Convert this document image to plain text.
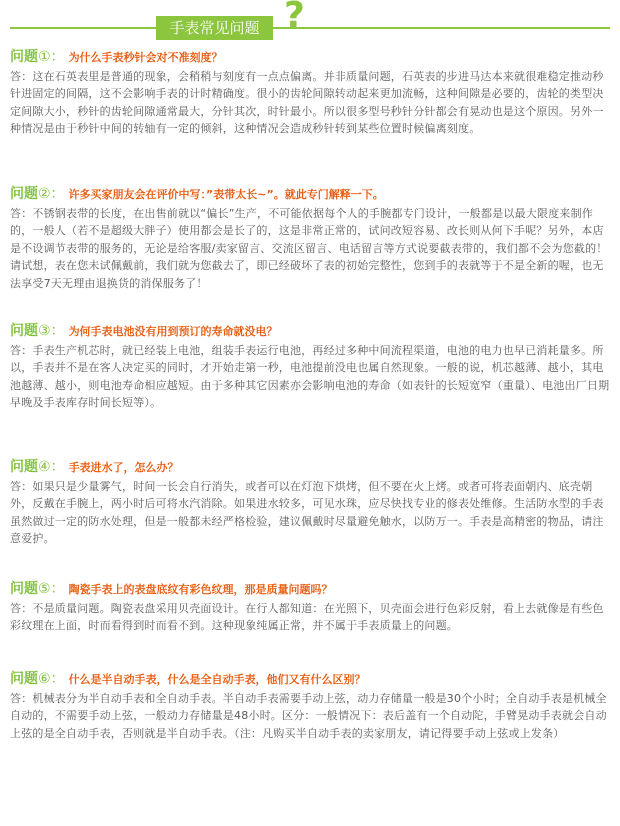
手表常见问题 ?
问题①： 为什么手表秒针会对不准刻度？
答：这在石英表里是普通的现象，会稍稍与刻度有一点点偏离。并非质量问题，石英表的步进马达本来就很难稳定推动秒针进固定的间隔，这不会影响手表的计时精确度。很小的齿轮间隙转动起来更加流畅，这种间隙是必要的，齿轮的类型决定间隙大小，秒针的齿轮间隙通常最大，分针其次，时针最小。所以很多型号秒针分针都会有晃动也是这个原因。另外一种情况是由于秒针中间的转轴有一定的倾斜，这种情况会造成秒针转到某些位置时候偏离刻度。
问题②： 许多买家朋友会在评价中写：”表带太长~”。就此专门解释一下。
答：不锈钢表带的长度，在出售前就以“偏长”生产，不可能依据每个人的手腕都专门设计，一般都是以最大限度来制作的，一般人（若不是超级大胖子）使用都会是长了的，这是非常正常的，试问改短容易、改长则从何下手呢？另外，本店是不设调节表带的服务的，无论是给客服/卖家留言、交流区留言、电话留言等方式说要截表带的，我们都不会为您截的！请试想，表在您未试佩戴前，我们就为您截去了，即已经破坏了表的初始完整性，您到手的表就等于不是全新的喔，也无法享受7天无理由退换货的消保服务了！
问题③： 为何手表电池没有用到预订的寿命就没电？
答：手表生产机芯时，就已经装上电池，组装手表运行电池，再经过多种中间流程渠道，电池的电力也早已消耗量多。所以，手表并不是在客人决定买的同时，才开始走第一秒，电池提前没电也属自然现象。一般的说，机芯越薄、越小，其电池越薄、越小，则电池寿命相应越短。由于多种其它因素亦会影响电池的寿命（如表针的长短宽窄（重量）、电池出厂日期早晚及手表库存时间长短等）。
问题④： 手表进水了，怎么办？
答：如果只是少量雾气，时间一长会自行消失，或者可以在灯泡下烘烤，但不要在火上烤。或者可将表面朝内、底壳朝外，反戴在手腕上，两小时后可将水汽消除。如果进水较多，可见水珠，应尽快找专业的修表处维修。生活防水型的手表虽然做过一定的防水处理，但是一般都未经严格检验，建议佩戴时尽量避免触水，以防万一。手表是高精密的物品，请注意爱护。
问题⑤： 陶瓷手表上的表盘底纹有彩色纹理，那是质量问题吗？
答：不是质量问题。陶瓷表盘采用贝壳面设计。在行人都知道：在光照下，贝壳面会进行色彩反射，看上去就像是有些色彩纹理在上面，时而看得到时而看不到。这种现象纯属正常，并不属于手表质量上的问题。
问题⑥： 什么是半自动手表，什么是全自动手表，他们又有什么区别？
答：机械表分为半自动手表和全自动手表。半自动手表需要手动上弦，动力存储量一般是30个小时；全自动手表是机械全自动的，不需要手动上弦，一般动力存储量是48小时。区分：一般情况下：表后盖有一个自动陀，手臂晃动手表就会自动上弦的是全自动手表，否则就是半自动手表。（注：凡购买半自动手表的卖家朋友，请记得要手动上弦或上发条）
